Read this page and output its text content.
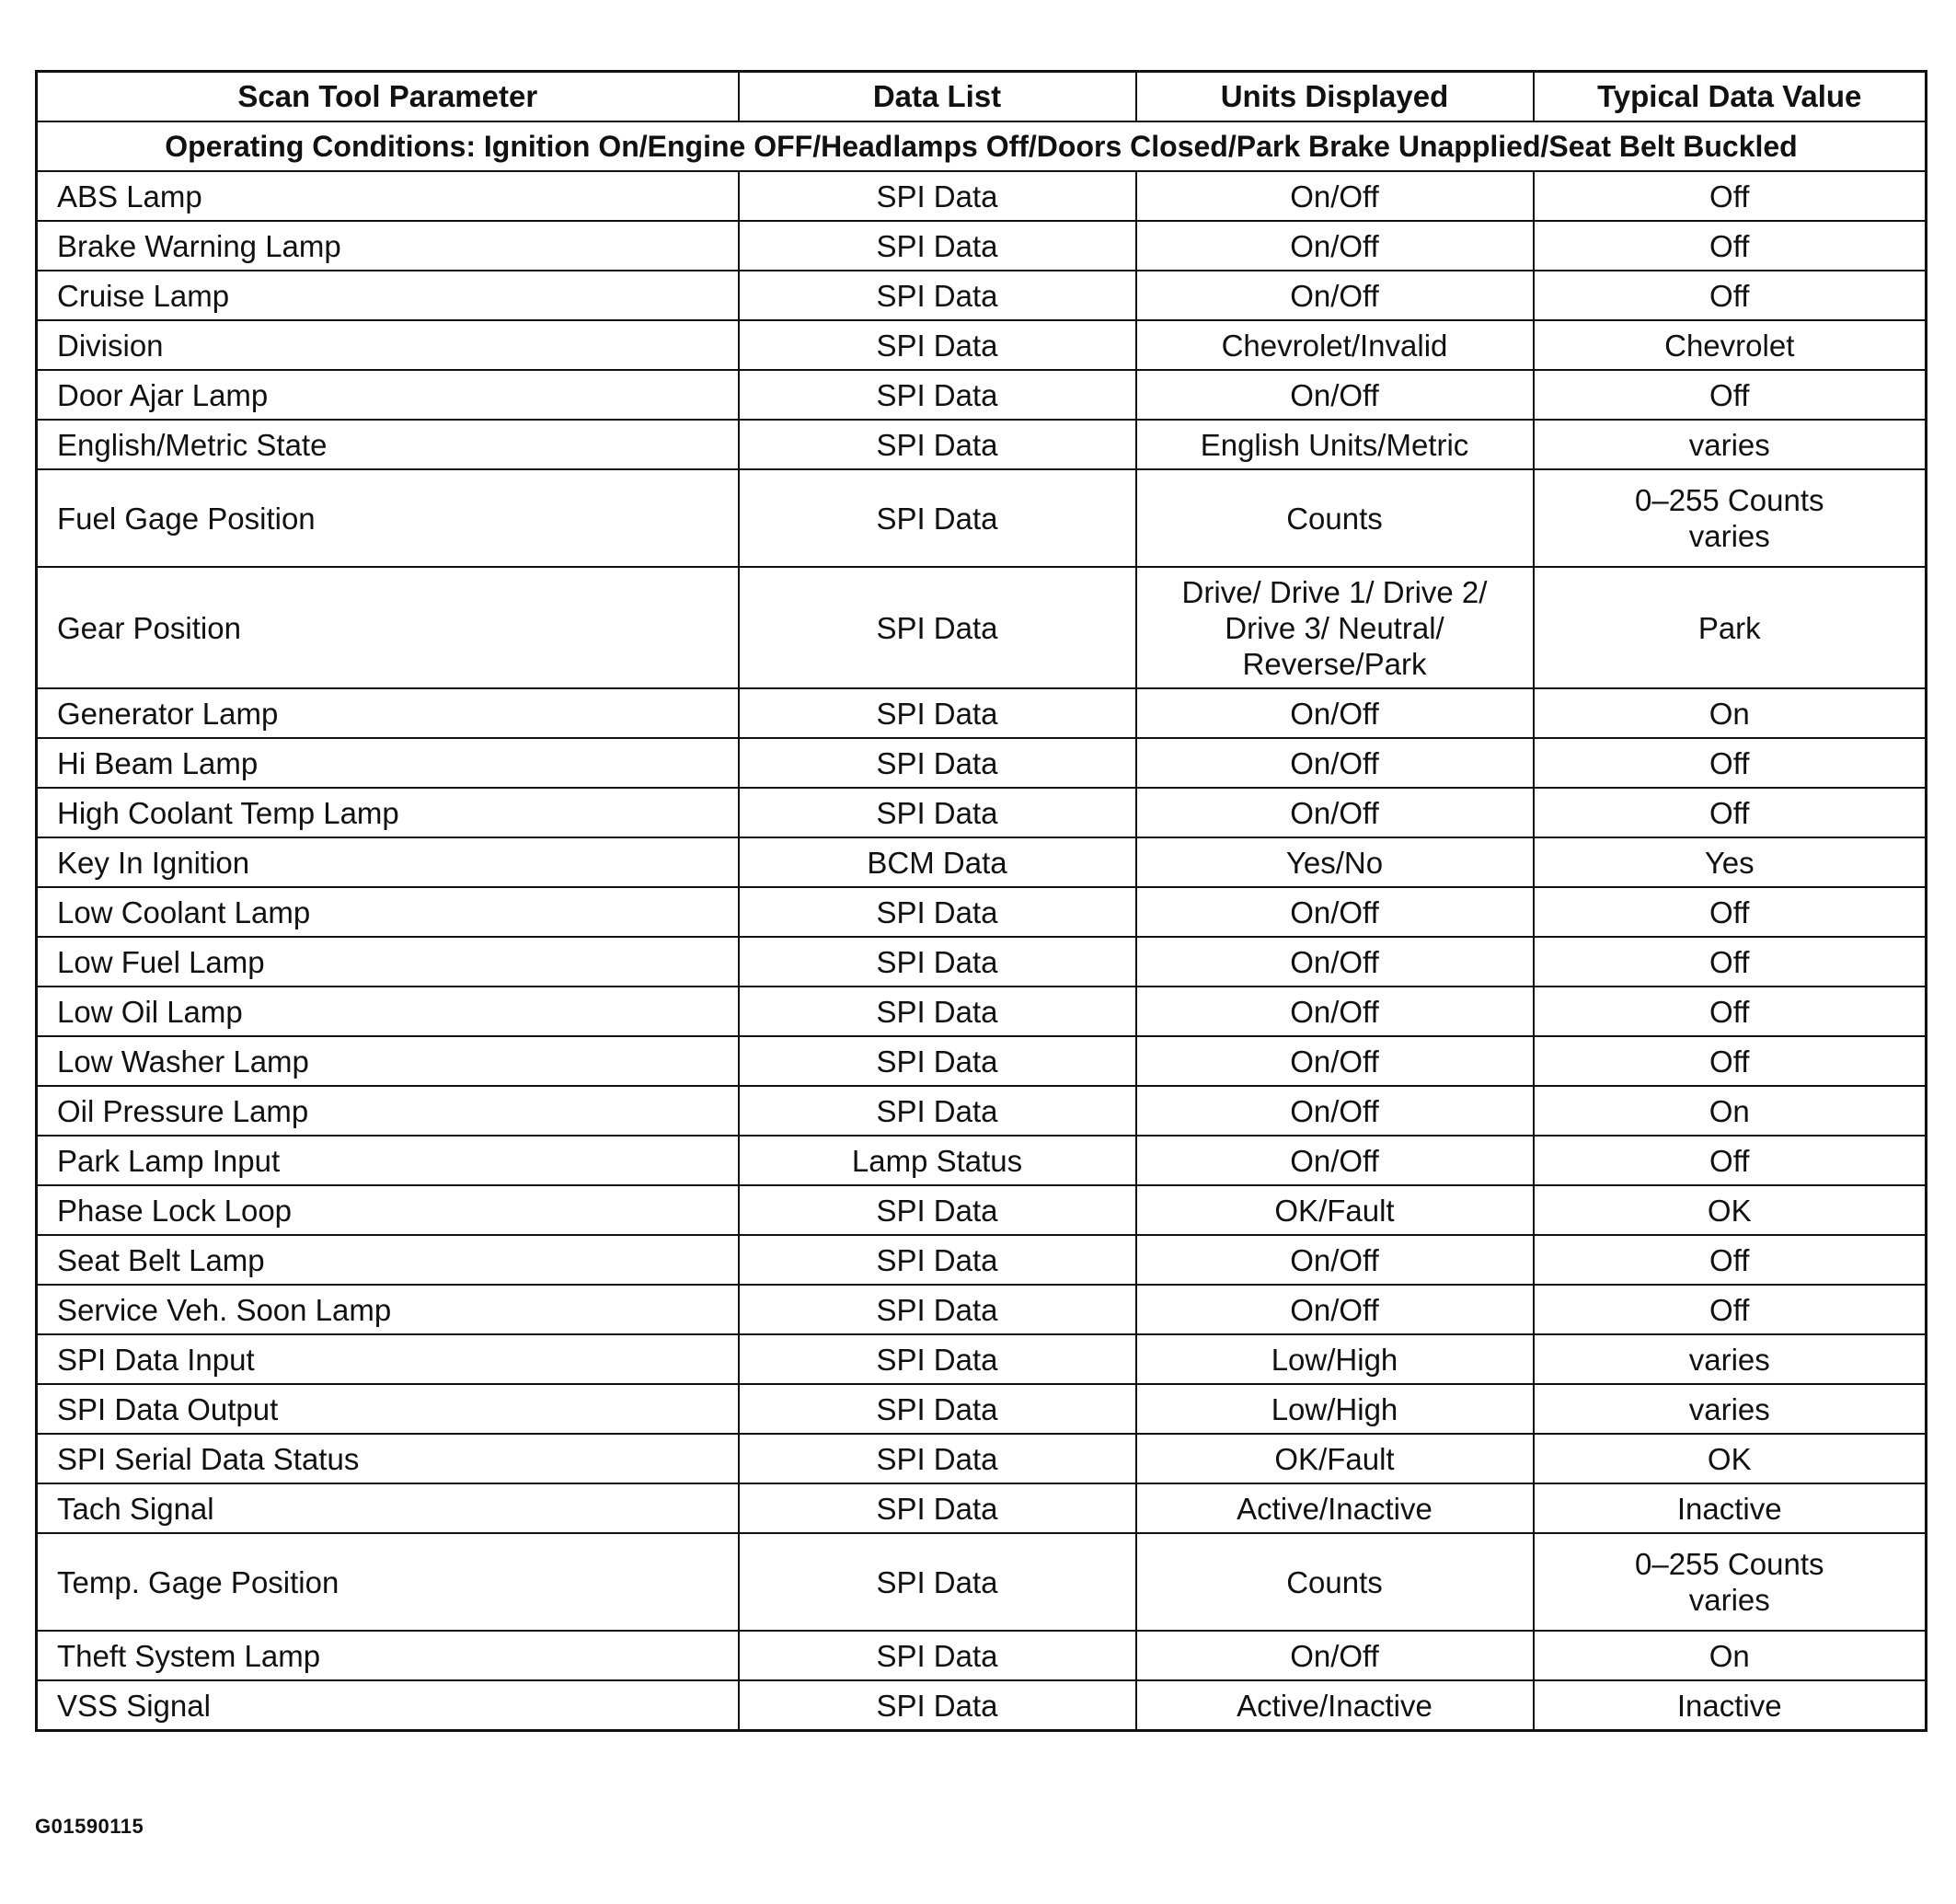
Scan Tool Parameter	Data List	Units Displayed	Typical Data Value
Operating Conditions: Ignition On/Engine OFF/Headlamps Off/Doors Closed/Park Brake Unapplied/Seat Belt Buckled			
ABS Lamp	SPI Data	On/Off	Off

Brake Warning Lamp	SPI Data	On/Off	Off

Cruise Lamp	SPI Data	On/Off	Off

Division	SPI Data	Chevrolet/Invalid	Chevrolet

Door Ajar Lamp	SPI Data	On/Off	Off

English/Metric State	SPI Data	English Units/Metric	varies

Fuel Gage Position	SPI Data	Counts	0–255 Counts
varies

Gear Position	SPI Data	Drive/ Drive 1/ Drive 2/ Drive 3/ Neutral/ Reverse/Park	Park

Generator Lamp	SPI Data	On/Off	On

Hi Beam Lamp	SPI Data	On/Off	Off

High Coolant Temp Lamp	SPI Data	On/Off	Off

Key In Ignition	BCM Data	Yes/No	Yes

Low Coolant Lamp	SPI Data	On/Off	Off

Low Fuel Lamp	SPI Data	On/Off	Off

Low Oil Lamp	SPI Data	On/Off	Off

Low Washer Lamp	SPI Data	On/Off	Off

Oil Pressure Lamp	SPI Data	On/Off	On

Park Lamp Input	Lamp Status	On/Off	Off

Phase Lock Loop	SPI Data	OK/Fault	OK

Seat Belt Lamp	SPI Data	On/Off	Off

Service Veh. Soon Lamp	SPI Data	On/Off	Off

SPI Data Input	SPI Data	Low/High	varies

SPI Data Output	SPI Data	Low/High	varies

SPI Serial Data Status	SPI Data	OK/Fault	OK

Tach Signal	SPI Data	Active/Inactive	Inactive

Temp. Gage Position	SPI Data	Counts	0–255 Counts
varies

Theft System Lamp	SPI Data	On/Off	On

VSS Signal	SPI Data	Active/Inactive	Inactive
G01590115
